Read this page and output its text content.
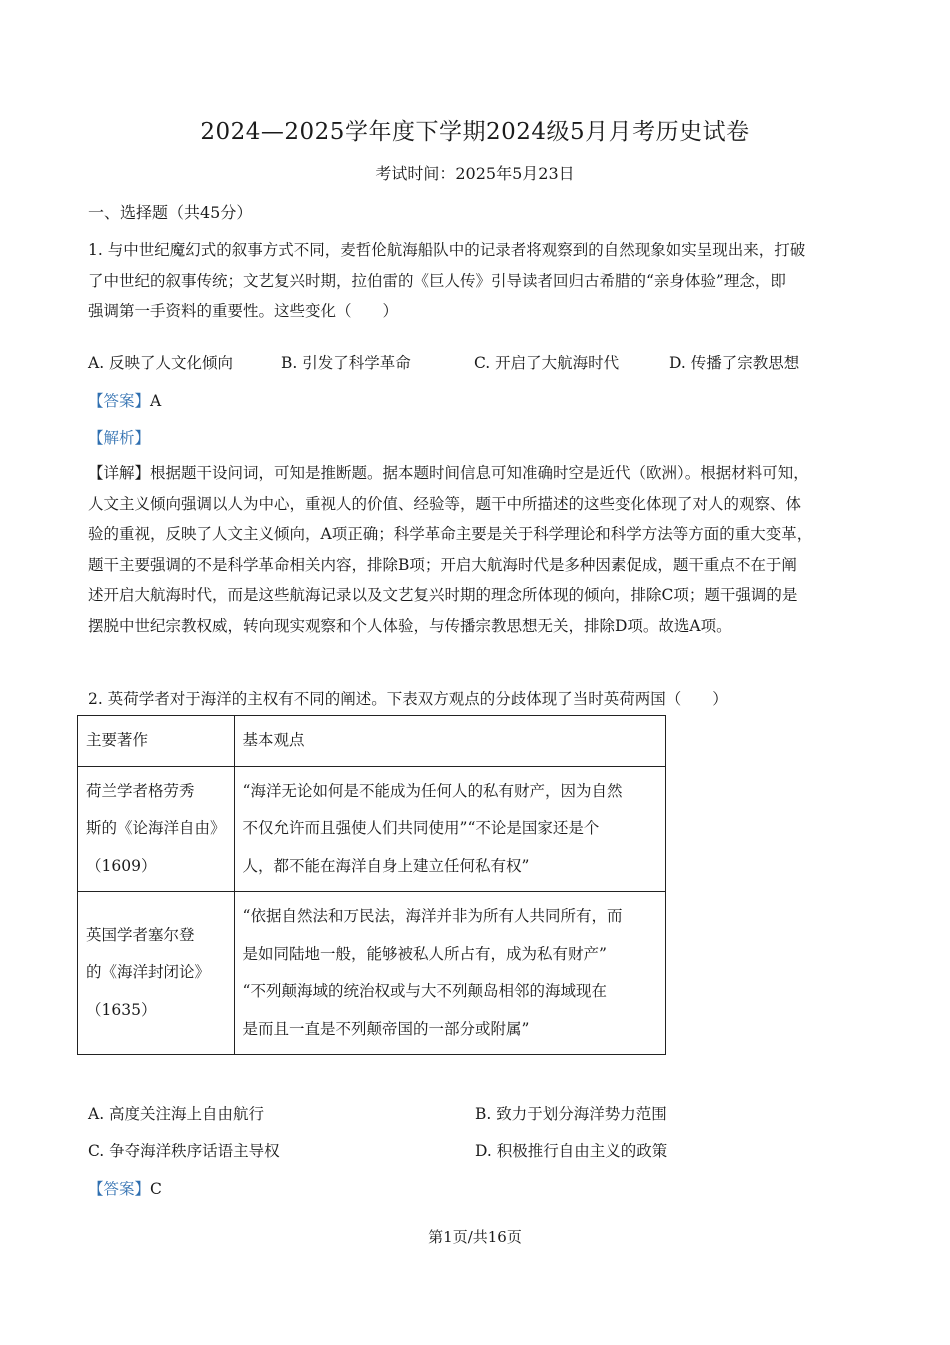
2024—2025学年度下学期2024级5月月考历史试卷
考试时间：2025年5月23日
一、选择题（共45分）
1. 与中世纪魔幻式的叙事方式不同，麦哲伦航海船队中的记录者将观察到的自然现象如实呈现出来，打破
了中世纪的叙事传统；文艺复兴时期，拉伯雷的《巨人传》引导读者回归古希腊的“亲身体验”理念，即
强调第一手资料的重要性。这些变化（　　）
A. 反映了人文化倾向	B. 引发了科学革命	C. 开启了大航海时代	D. 传播了宗教思想
【答案】A
【解析】
【详解】根据题干设问词，可知是推断题。据本题时间信息可知准确时空是近代（欧洲）。根据材料可知，
人文主义倾向强调以人为中心，重视人的价值、经验等，题干中所描述的这些变化体现了对人的观察、体
验的重视，反映了人文主义倾向，A项正确；科学革命主要是关于科学理论和科学方法等方面的重大变革，
题干主要强调的不是科学革命相关内容，排除B项；开启大航海时代是多种因素促成，题干重点不在于阐
述开启大航海时代，而是这些航海记录以及文艺复兴时期的理念所体现的倾向，排除C项；题干强调的是
摆脱中世纪宗教权威，转向现实观察和个人体验，与传播宗教思想无关，排除D项。故选A项。
2. 英荷学者对于海洋的主权有不同的阐述。下表双方观点的分歧体现了当时英荷两国（　　）
主要著作	基本观点

荷兰学者格劳秀
斯的《论海洋自由》
（1609）	“海洋无论如何是不能成为任何人的私有财产，因为自然
不仅允许而且强使人们共同使用”“不论是国家还是个
人，都不能在海洋自身上建立任何私有权”

英国学者塞尔登
的《海洋封闭论》
（1635）	“依据自然法和万民法，海洋并非为所有人共同所有，而
是如同陆地一般，能够被私人所占有，成为私有财产”
“不列颠海域的统治权或与大不列颠岛相邻的海域现在
是而且一直是不列颠帝国的一部分或附属”
A. 高度关注海上自由航行	B. 致力于划分海洋势力范围
C. 争夺海洋秩序话语主导权	D. 积极推行自由主义的政策
【答案】C
第1页/共16页
